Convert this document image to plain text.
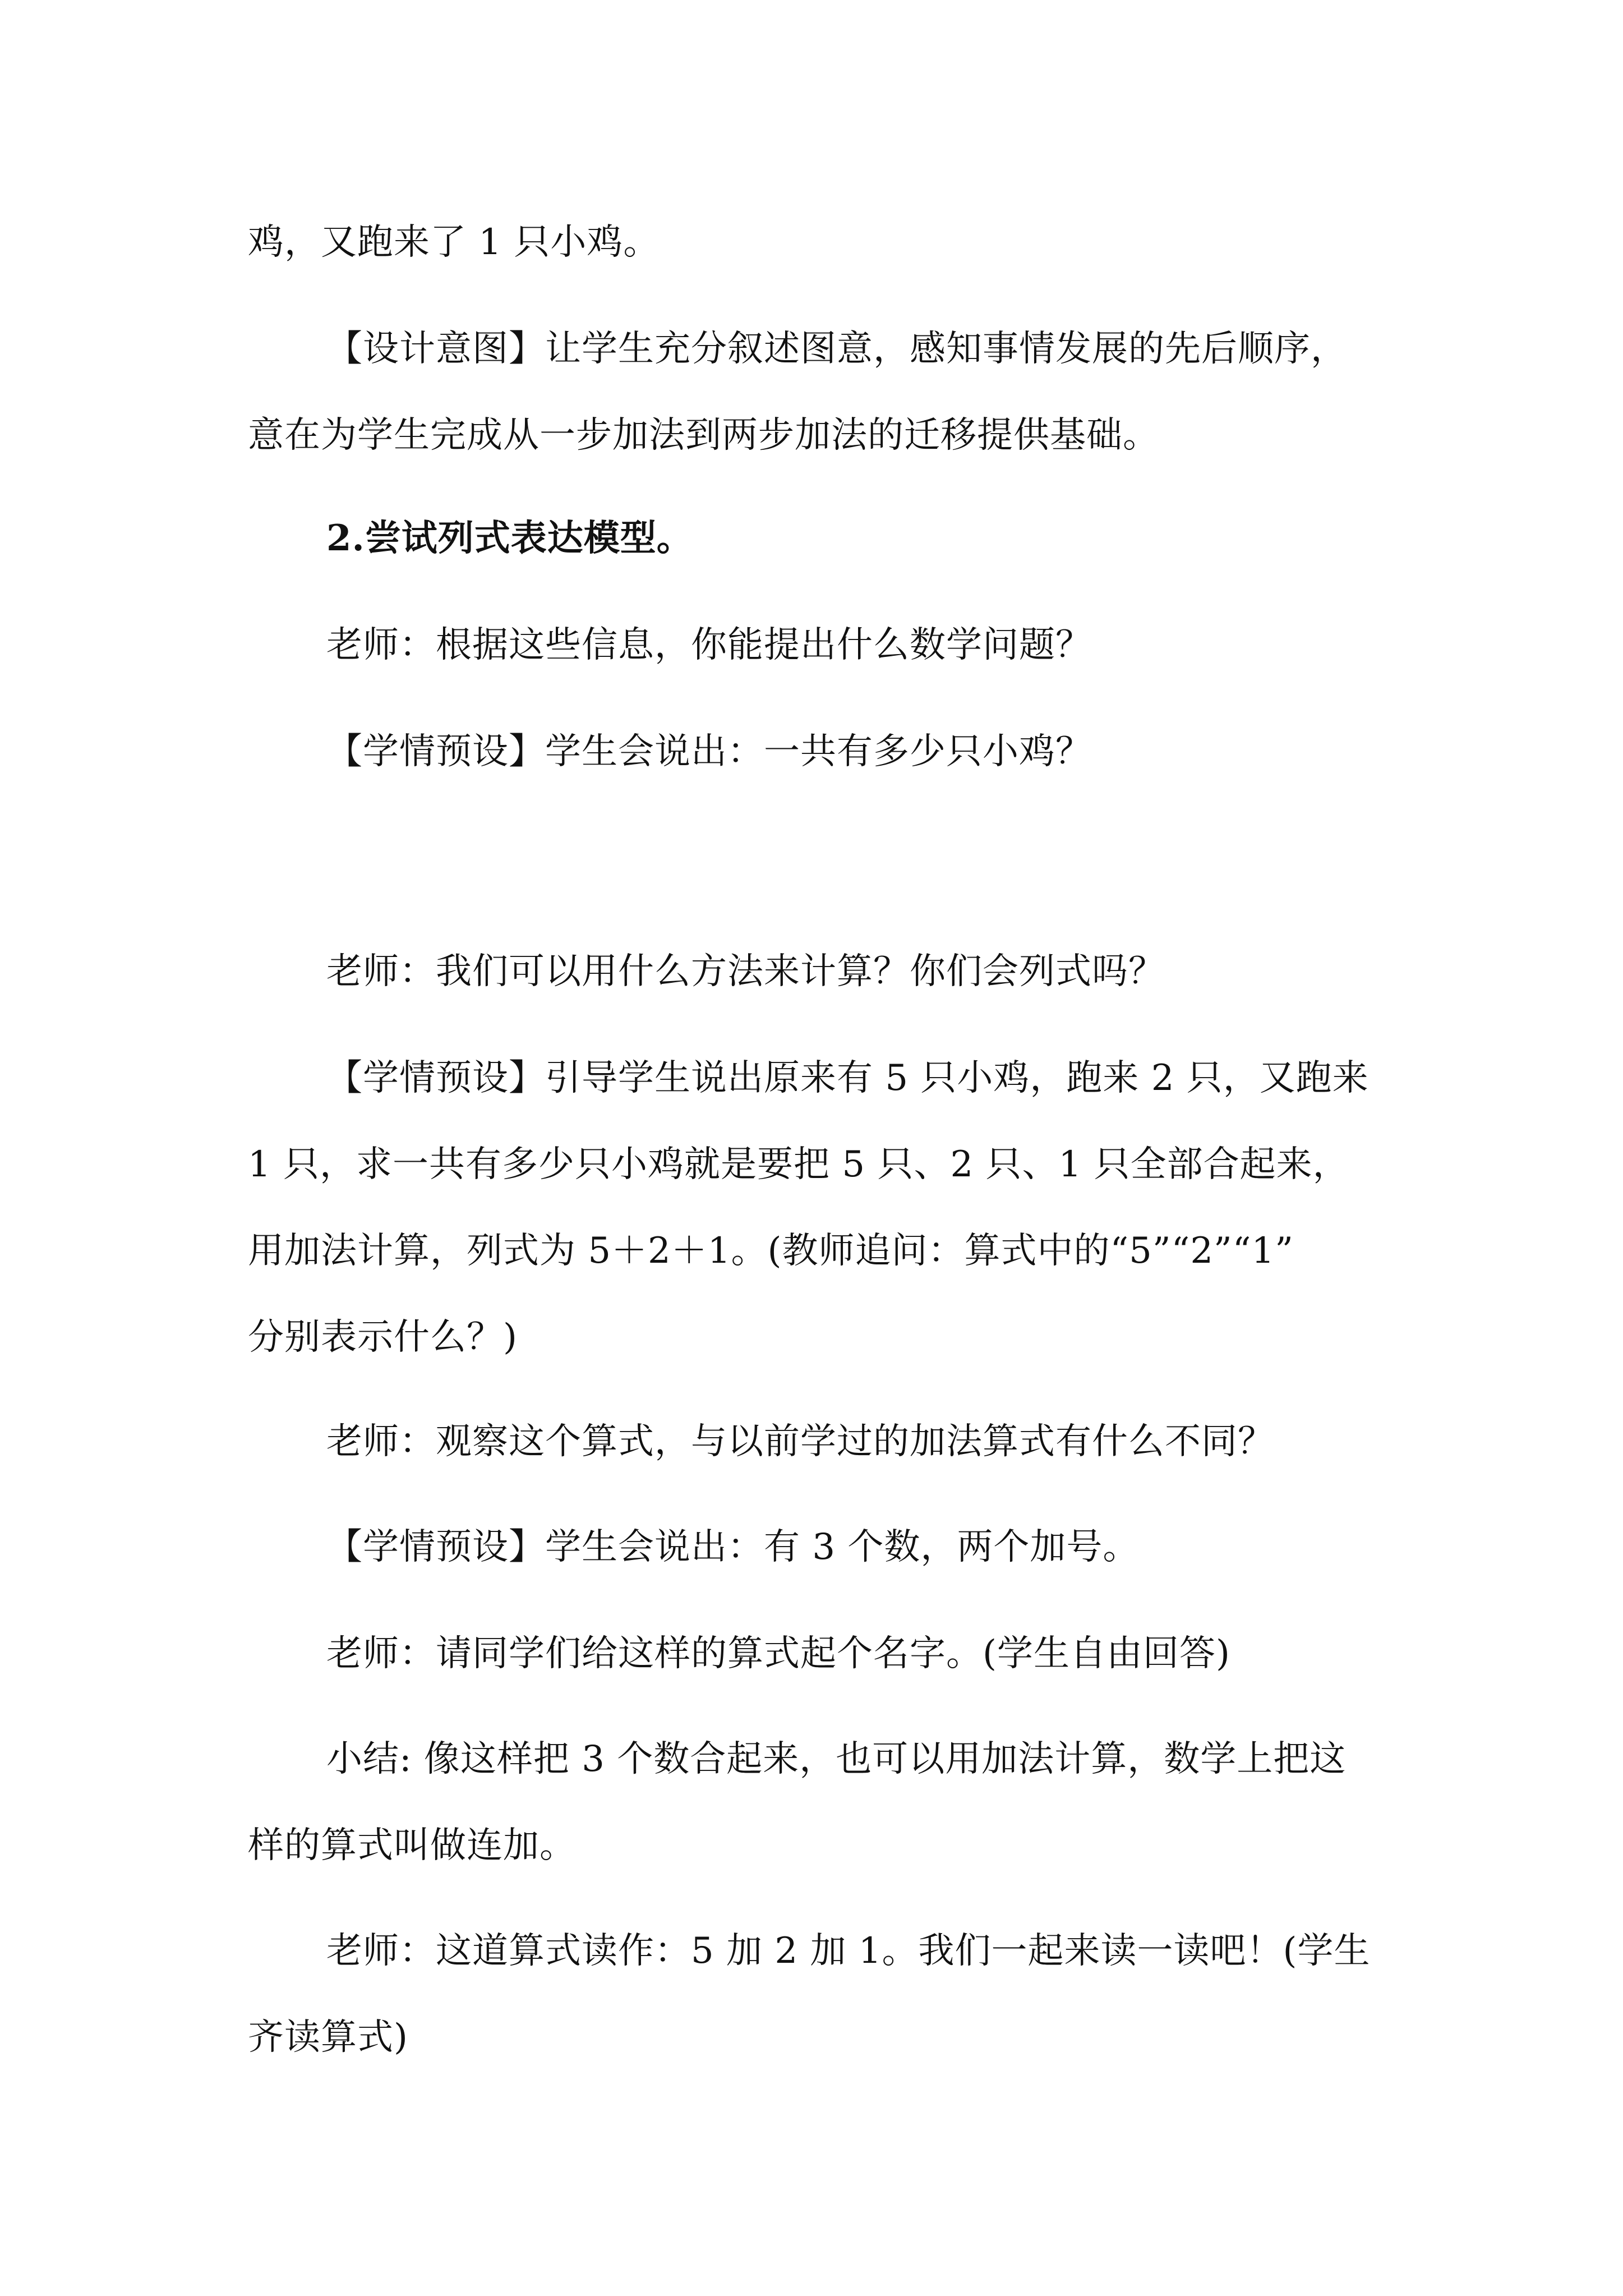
鸡，又跑来了 1 只小鸡。
【设计意图】让学生充分叙述图意，感知事情发展的先后顺序，
意在为学生完成从一步加法到两步加法的迁移提供基础。
2.尝试列式表达模型。
老师：根据这些信息，你能提出什么数学问题？
【学情预设】学生会说出：一共有多少只小鸡？
老师：我们可以用什么方法来计算？你们会列式吗？
【学情预设】引导学生说出原来有 5 只小鸡，跑来 2 只，又跑来
1 只，求一共有多少只小鸡就是要把 5 只、2 只、1 只全部合起来，
用加法计算，列式为 5＋2＋1。(教师追问：算式中的“5”“2”“1”
分别表示什么？)
老师：观察这个算式，与以前学过的加法算式有什么不同？
【学情预设】学生会说出：有 3 个数，两个加号。
老师：请同学们给这样的算式起个名字。(学生自由回答)
小结: 像这样把 3 个数合起来，也可以用加法计算，数学上把这
样的算式叫做连加。
老师：这道算式读作：5 加 2 加 1。我们一起来读一读吧！(学生
齐读算式)
